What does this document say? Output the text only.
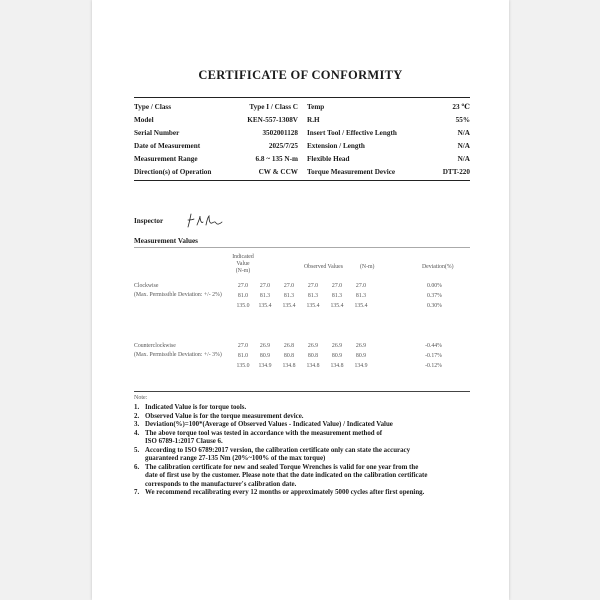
CERTIFICATE OF CONFORMITY
Type / Class	Type I / Class C	Temp	23 ℃
Model	KEN-557-1308V	R.H	55%
Serial Number	3502001128	Insert Tool / Effective Length	N/A
Date of Measurement	2025/7/25	Extension / Length	N/A
Measurement Range	6.8 ~ 135 N-m	Flexible Head	N/A
Direction(s) of Operation	CW & CCW	Torque Measurement Device	DTT-220
Inspector
Measurement Values
Indicated
Value
(N-m)
Observed Values	(N-m)	Deviation(%)
Clockwise
(Max. Permissible Deviation: +/- 2%)
27.0	27.0	27.0	27.0	27.0	27.0	0.00%
81.0	81.3	81.3	81.3	81.3	81.3	0.37%
135.0	135.4	135.4	135.4	135.4	135.4	0.30%
Counterclockwise
(Max. Permissible Deviation: +/- 3%)
27.0	26.9	26.8	26.9	26.9	26.9	-0.44%
81.0	80.9	80.8	80.8	80.9	80.9	-0.17%
135.0	134.9	134.8	134.8	134.8	134.9	-0.12%
Note:
1. Indicated Value is for torque tools.
2. Observed Value is for the torque measurement device.
3. Deviation(%)=100*(Average of Observed Values - Indicated Value) / Indicated Value
4. The above torque tool was tested in accordance with the measurement method of
ISO 6789-1:2017 Clause 6.
5. According to ISO 6789:2017 version, the calibration certificate only can state the accuracy
guaranteed range 27-135 Nm (20%~100% of the max torque)
6. The calibration certificate for new and sealed Torque Wrenches is valid for one year from the
date of first use by the customer. Please note that the date indicated on the calibration certificate
corresponds to the manufacturer's calibration date.
7. We recommend recalibrating every 12 months or approximately 5000 cycles after first opening.
